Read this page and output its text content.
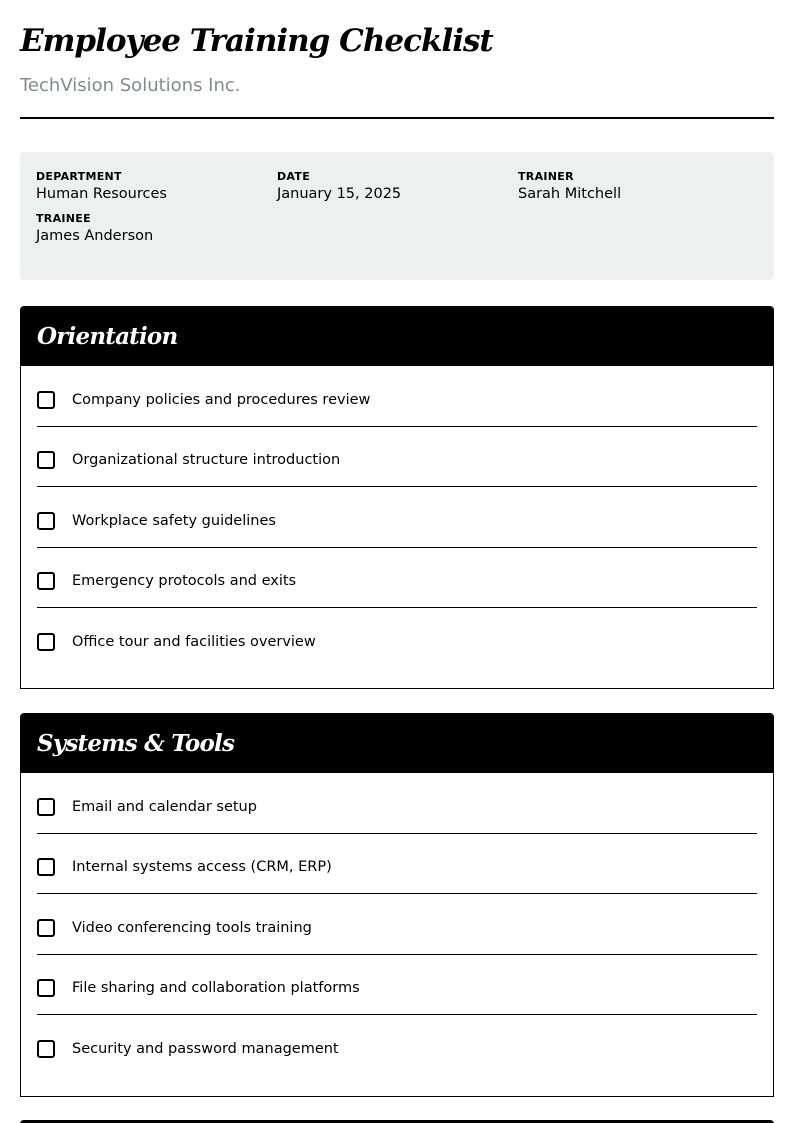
Employee Training Checklist
TechVision Solutions Inc.
DEPARTMENT
Human Resources
DATE
January 15, 2025
TRAINER
Sarah Mitchell
TRAINEE
James Anderson
Orientation
Company policies and procedures review
Organizational structure introduction
Workplace safety guidelines
Emergency protocols and exits
Office tour and facilities overview
Systems & Tools
Email and calendar setup
Internal systems access (CRM, ERP)
Video conferencing tools training
File sharing and collaboration platforms
Security and password management
